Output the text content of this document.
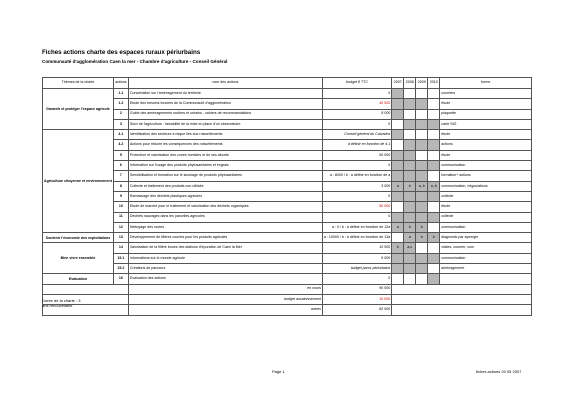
Fiches actions charte des espaces ruraux périurbains
Communauté d'agglomération Caen la mer - Chambre d'agriculture - Conseil Général
Thèmes de la charte	actions	nom des actions	budget € TTC	2007	2008	2009	2010	forme
Garantir et protéger l'espace agricole	1.1	Concertation sur l'aménagement du territoire	0					courriers
	1.2	Etude des besoins fonciers de la Communauté d'agglomération	40 000					étude
	2	Guide des aménagements routiers et urbains - cahiers de recommandations	8 000					plaquette
	3	Suivi de l'agriculture - faisabilité de la mise en place d'un observatoire	0					carte SIG
Agriculture citoyenne et environnement	4.1	Identification des secteurs à risque liés aux ruissellements	Conseil général du Calvados					étude
	4.2	Actions pour réduire les conséquences des ruissellements	à définir en fonction de 4.1					actions
	5	Protection et valorisation des zones humides et de ses abords	50 000					étude
	6	Information sur l'usage des produits phytosanitaires et engrais	0					communication
	7	Sensibilisation et formation sur le stockage de produits phytosanitaires	a : 8000 / b : à définir en fonction de a					formation+ actions
	8	Collecte et traitement des produits non utilisés	3 000	a	b	a, b	a, b	communication, négociations
	9	Ramassage des déchets plastiques agricoles	0					collecte
	10	Etude de marché pour le traitement et valorisation des déchets organiques	50 000					étude
	11	Déchets sauvages dans les parcelles agricoles	0					collecte
	12	Nettoyage des routes	a : 0 / b : à définir en fonction de 12a	a	b	b		communication
Soutenir l'économie des exploitations	13	Développement de filières courtes pour les produits agricoles	a : 10000 / b : à définir en fonction de 13a		a	b	b	diagnostic par synergie
Bien vivre ensemble	14	Valorisation de la filière boues des stations d'épuration de Caen la Mer	10 000	b	a,c			visites, courrier, com
	15.1	Informations sur le monde agricole	5 000					communication
	15.2	Créations de parcours	budget parcs périurbains					aménagement
Evaluation	16	Evaluation des actions	0					
		en cours	90 000					
		budget assainissement	10 000					
		autres	82 000					
Durée de la charte : 3
ans renouvelable
Page 1	fiches actions 20 05 2007
